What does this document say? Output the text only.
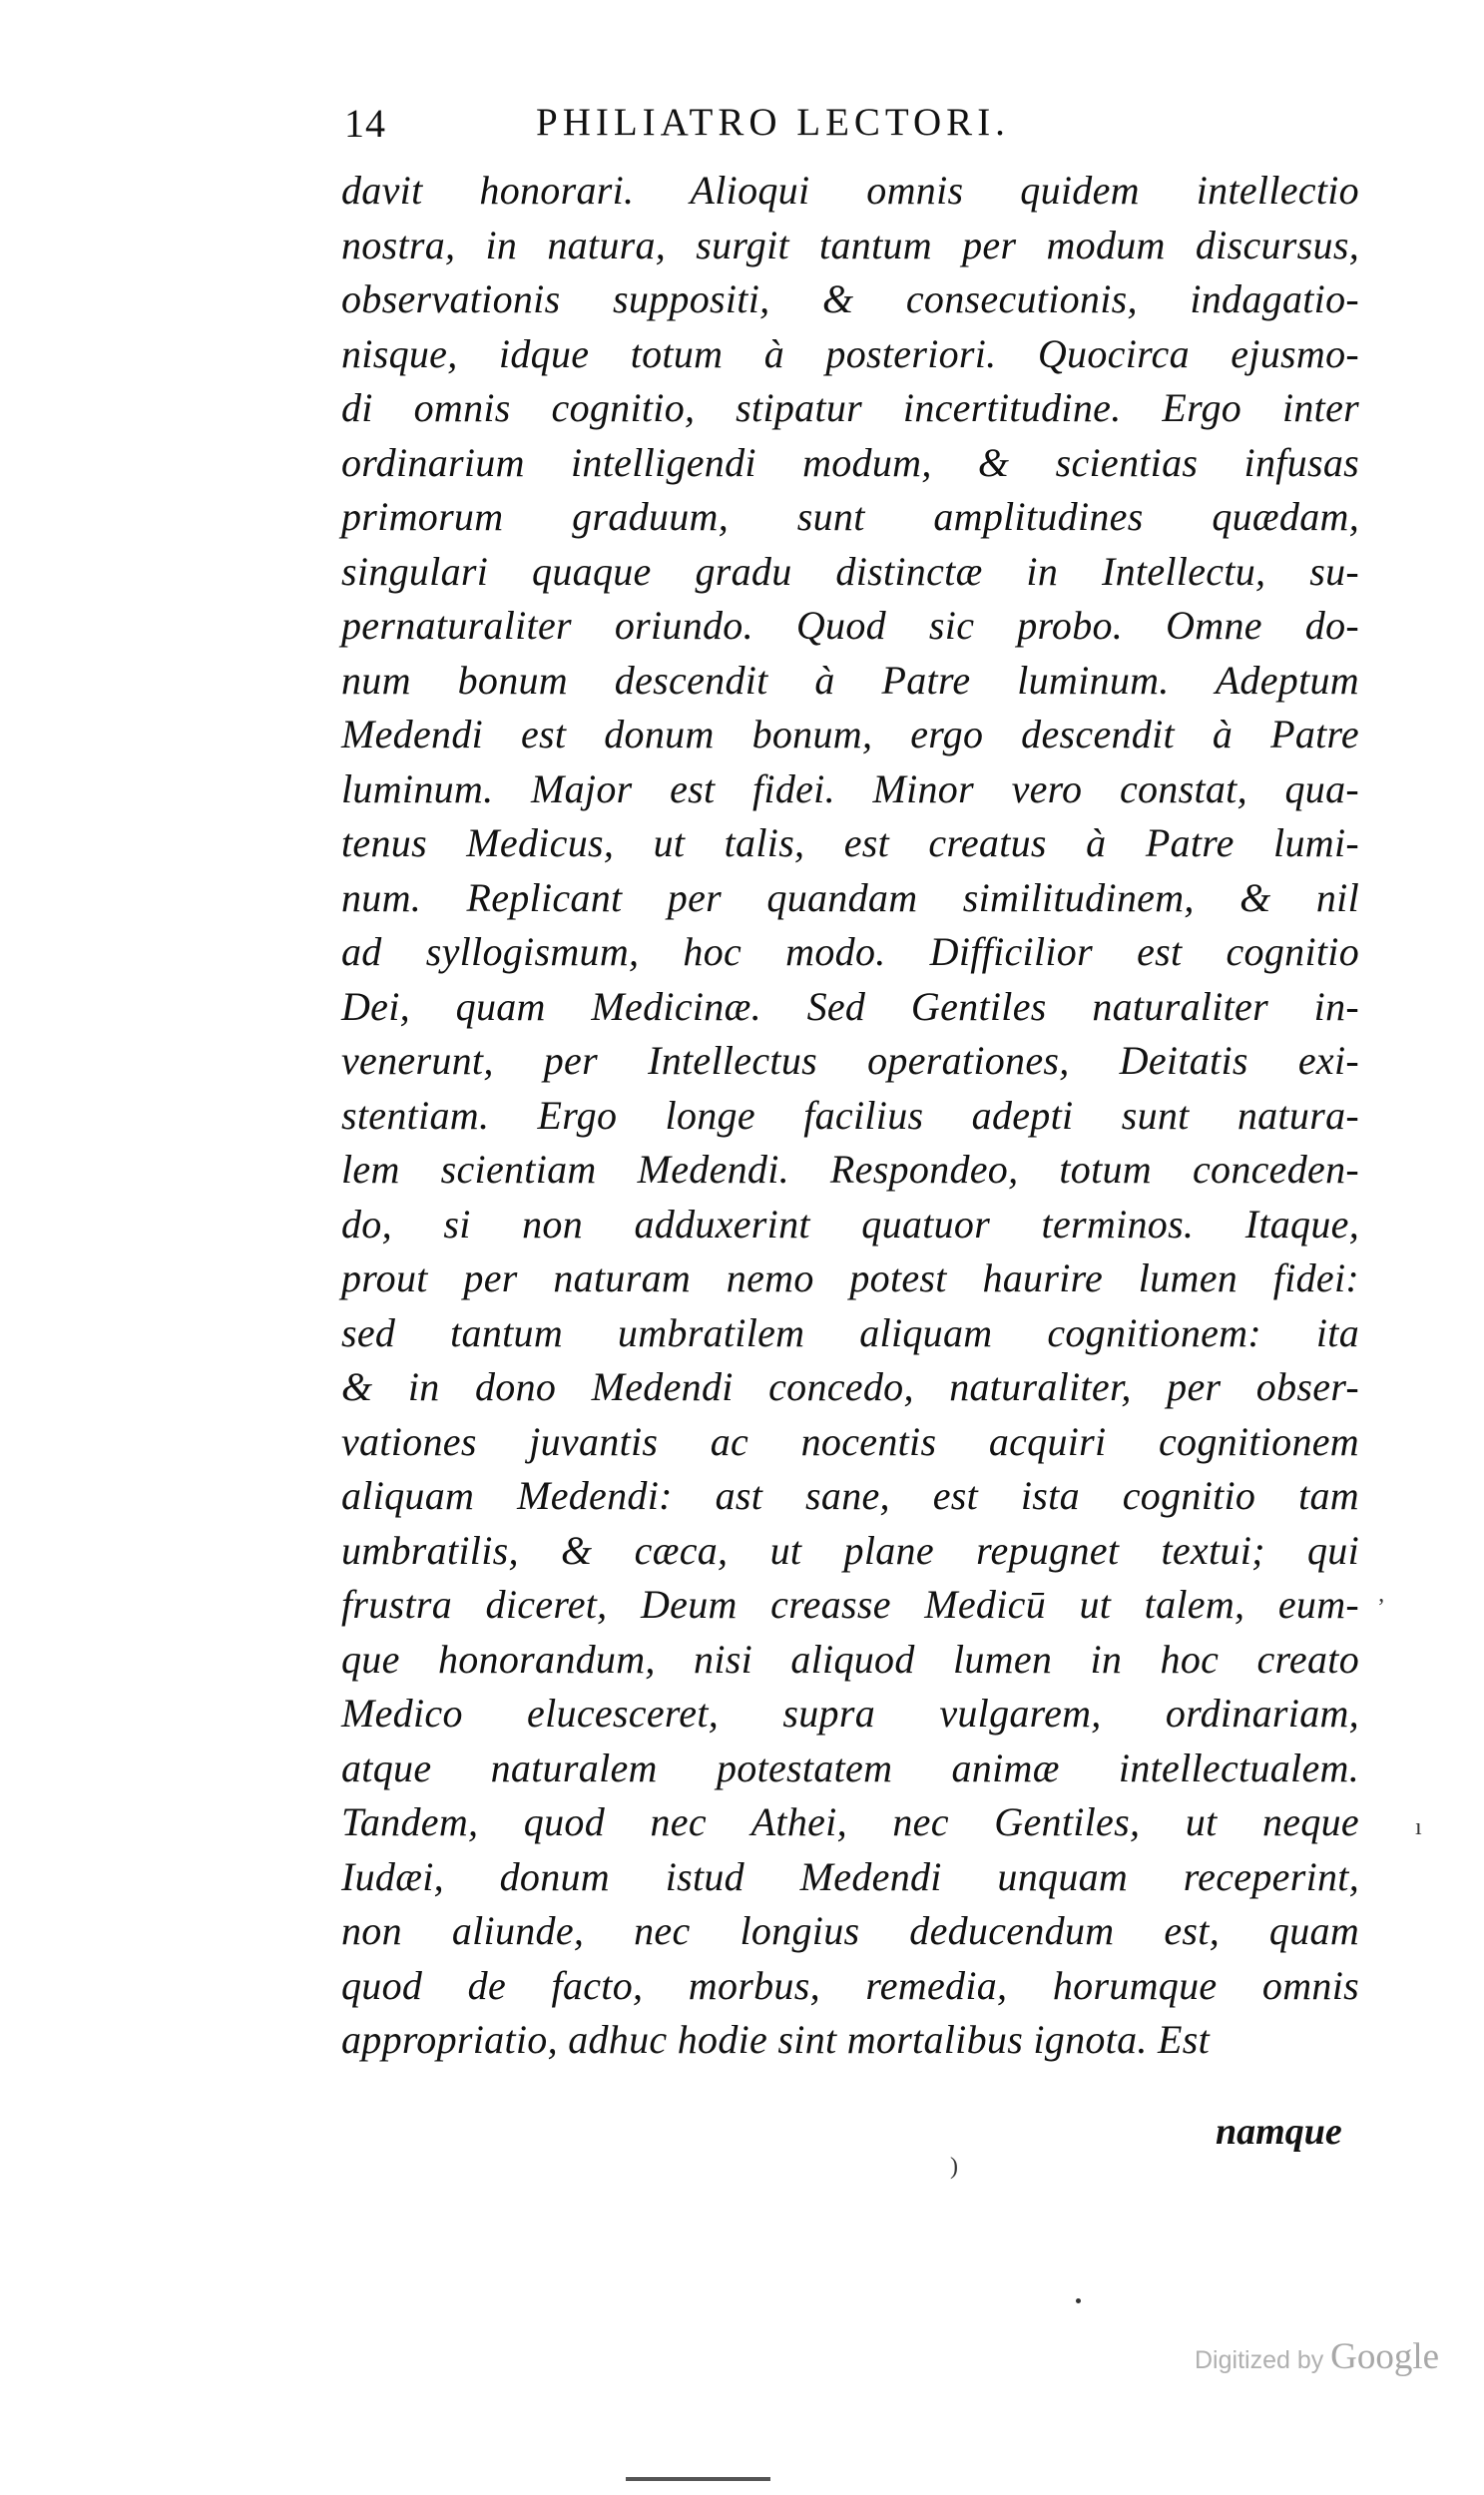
14	PHILIATRO LECTORI.
davit honorari. Alioqui omnis quidem intellectio
nostra, in natura, surgit tantum per modum discursus,
observationis suppositi, & consecutionis, indagatio-
nisque, idque totum à posteriori. Quocirca ejusmo-
di omnis cognitio, stipatur incertitudine. Ergo inter
ordinarium intelligendi modum, & scientias infusas
primorum graduum, sunt amplitudines quædam,
singulari quaque gradu distinctæ in Intellectu, su-
pernaturaliter oriundo. Quod sic probo. Omne do-
num bonum descendit à Patre luminum. Adeptum
Medendi est donum bonum, ergo descendit à Patre
luminum. Major est fidei. Minor vero constat, qua-
tenus Medicus, ut talis, est creatus à Patre lumi-
num. Replicant per quandam similitudinem, & nil
ad syllogismum, hoc modo. Difficilior est cognitio
Dei, quam Medicinæ. Sed Gentiles naturaliter in-
venerunt, per Intellectus operationes, Deitatis exi-
stentiam. Ergo longe facilius adepti sunt natura-
lem scientiam Medendi. Respondeo, totum conceden-
do, si non adduxerint quatuor terminos. Itaque,
prout per naturam nemo potest haurire lumen fidei:
sed tantum umbratilem aliquam cognitionem: ita
& in dono Medendi concedo, naturaliter, per obser-
vationes juvantis ac nocentis acquiri cognitionem
aliquam Medendi: ast sane, est ista cognitio tam
umbratilis, & cæca, ut plane repugnet textui; qui
frustra diceret, Deum creasse Medicū ut talem, eum-
que honorandum, nisi aliquod lumen in hoc creato
Medico elucesceret, supra vulgarem, ordinariam,
atque naturalem potestatem animæ intellectualem.
Tandem, quod nec Athei, nec Gentiles, ut neque
Iudæi, donum istud Medendi unquam receperint,
non aliunde, nec longius deducendum est, quam
quod de facto, morbus, remedia, horumque omnis
appropriatio, adhuc hodie sint mortalibus ignota. Est
namque
ʼ
ı
)
Digitized by Google
